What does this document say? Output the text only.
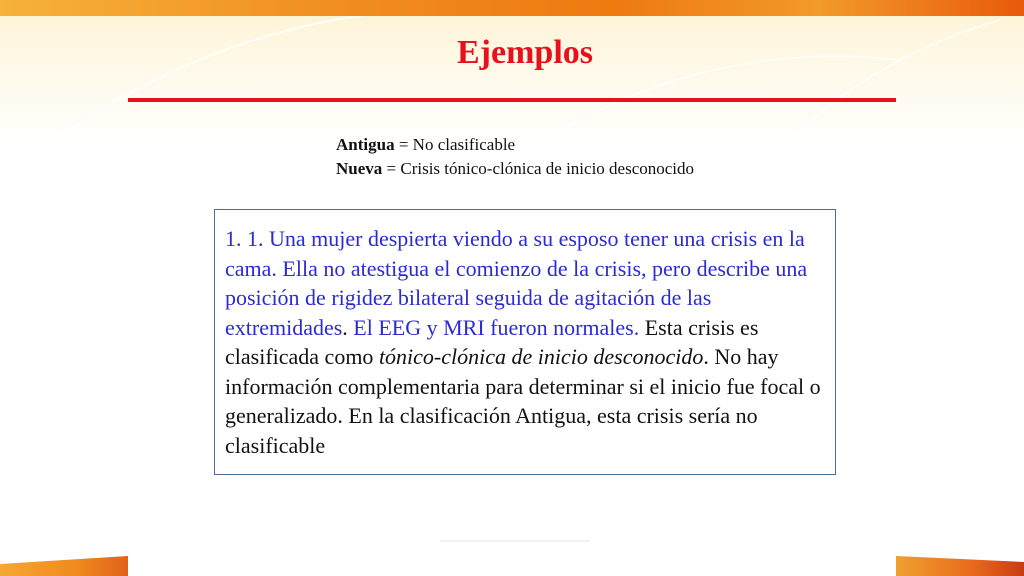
Ejemplos
Antigua = No clasificable
Nueva = Crisis tónico-clónica de inicio desconocido
1. 1. Una mujer despierta viendo a su esposo tener una crisis en la cama. Ella no atestigua el comienzo de la crisis, pero describe una posición de rigidez bilateral seguida de agitación de las extremidades. El EEG y MRI fueron normales. Esta crisis es clasificada como tónico-clónica de inicio desconocido. No hay información complementaria para determinar si el inicio fue focal o generalizado. En la clasificación Antigua, esta crisis sería no clasificable
